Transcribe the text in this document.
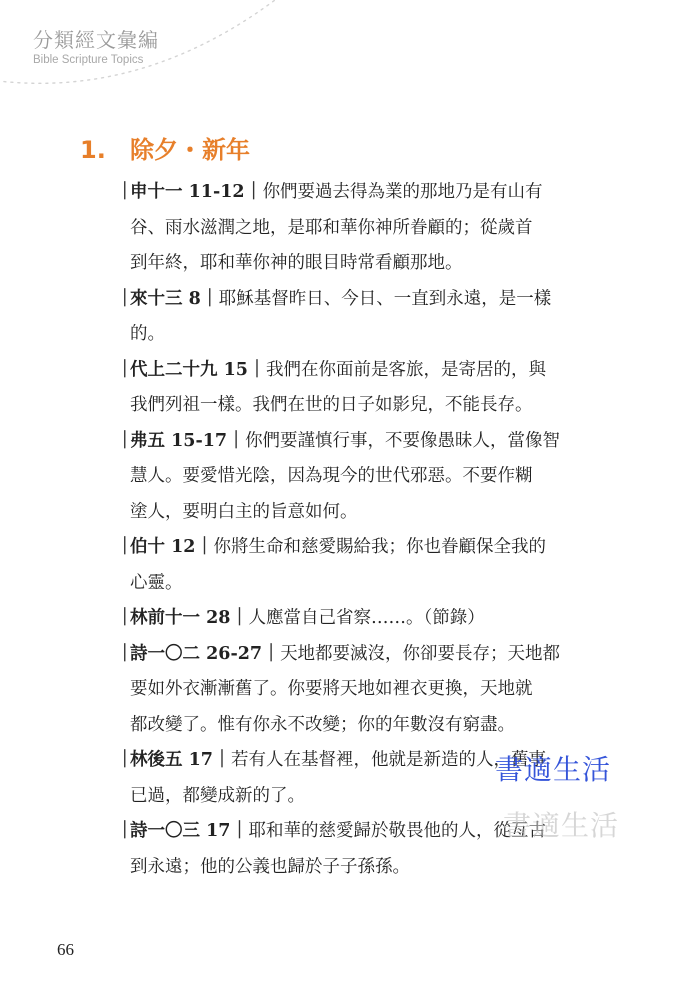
分類經文彙編
Bible Scripture Topics
1.	除夕・新年
｜
申十一 11-12 ｜ 你們要過去得為業的那地乃是有山有
谷、雨水滋潤之地，是耶和華你神所眷顧的；從歲首
到年終，耶和華你神的眼目時常看顧那地。
｜
來十三 8 ｜ 耶穌基督昨日、今日、一直到永遠，是一樣
的。
｜
代上二十九 15 ｜ 我們在你面前是客旅，是寄居的，與
我們列祖一樣。我們在世的日子如影兒，不能長存。
｜
弗五 15-17 ｜ 你們要謹慎行事，不要像愚昧人，當像智
慧人。要愛惜光陰，因為現今的世代邪惡。不要作糊
塗人，要明白主的旨意如何。
｜
伯十 12 ｜ 你將生命和慈愛賜給我；你也眷顧保全我的
心靈。
｜
林前十一 28 ｜ 人應當自己省察……。（節錄）
｜
詩一〇二 26-27 ｜ 天地都要滅沒，你卻要長存；天地都
要如外衣漸漸舊了。你要將天地如裡衣更換，天地就
都改變了。惟有你永不改變；你的年數沒有窮盡。
｜
林後五 17 ｜ 若有人在基督裡，他就是新造的人，舊事
已過，都變成新的了。
｜
詩一〇三 17 ｜ 耶和華的慈愛歸於敬畏他的人，從亙古
到永遠；他的公義也歸於子子孫孫。
書適生活
書適生活
66
